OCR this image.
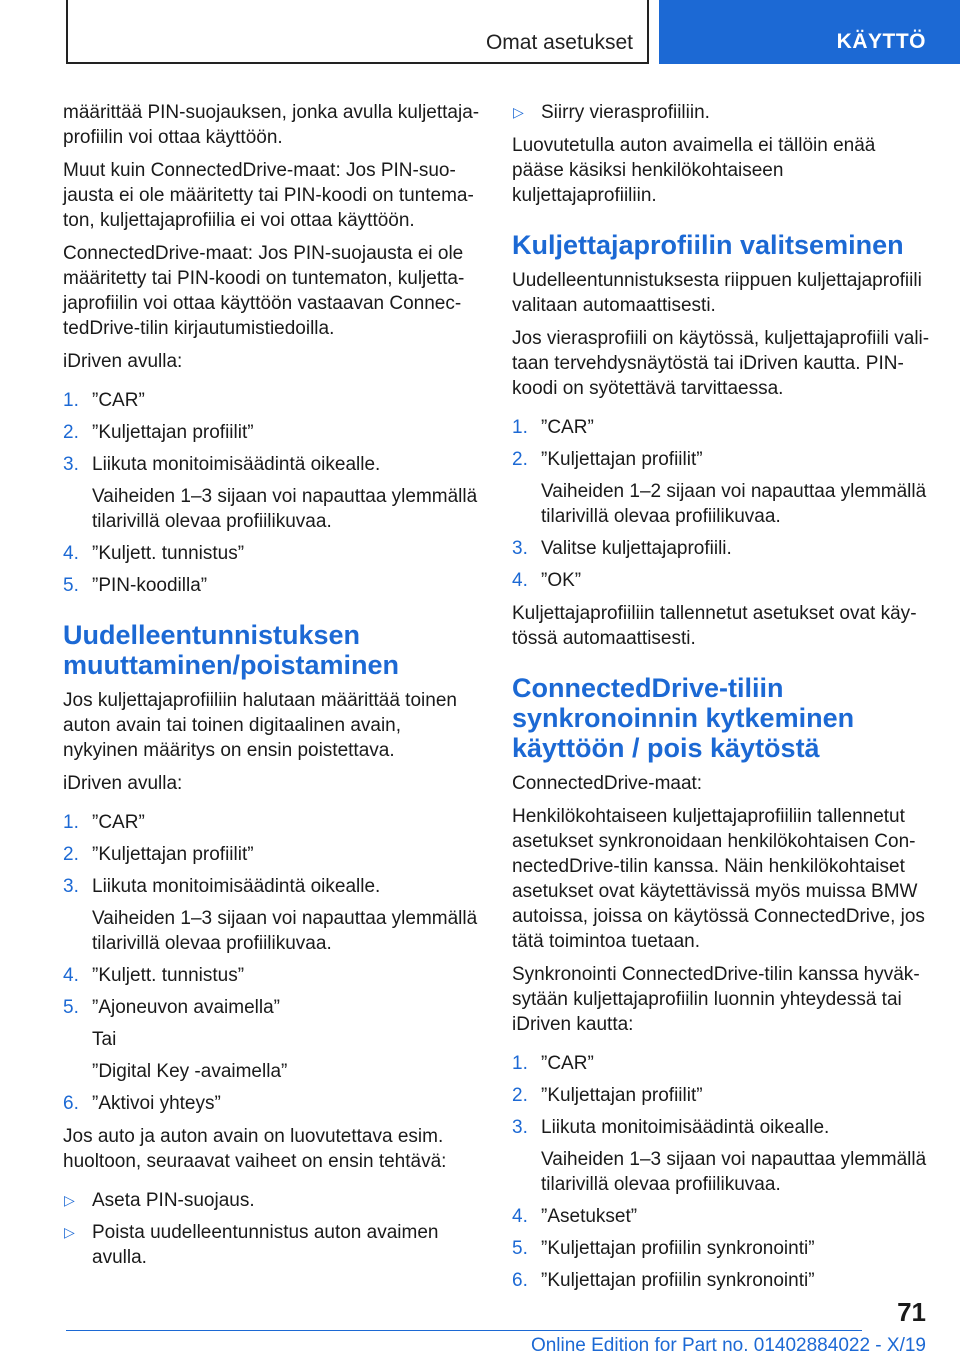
Omat asetukset	KÄYTTÖ

määrittää PIN-suojauksen, jonka avulla kuljettajaprofiilin voi ottaa käyttöön.

Muut kuin ConnectedDrive-maat: Jos PIN-suojausta ei ole määritetty tai PIN-koodi on tuntematon, kuljettajaprofiilia ei voi ottaa käyttöön.

ConnectedDrive-maat: Jos PIN-suojausta ei ole määritetty tai PIN-koodi on tuntematon, kuljettajaprofiilin voi ottaa käyttöön vastaavan ConnectedDrive-tilin kirjautumistiedoilla.

iDriven avulla:

1. ”CAR”
2. ”Kuljettajan profiilit”
3. Liikuta monitoimisäädintä oikealle.
Vaiheiden 1–3 sijaan voi napauttaa ylemmällä tilarivillä olevaa profiilikuvaa.
4. ”Kuljett. tunnistus”
5. ”PIN-koodilla”
Uudelleentunnistuksen muuttaminen/poistaminen

Jos kuljettajaprofiiliin halutaan määrittää toinen auton avain tai toinen digitaalinen avain, nykyinen määritys on ensin poistettava.

iDriven avulla:

1. ”CAR”
2. ”Kuljettajan profiilit”
3. Liikuta monitoimisäädintä oikealle.
Vaiheiden 1–3 sijaan voi napauttaa ylemmällä tilarivillä olevaa profiilikuvaa.
4. ”Kuljett. tunnistus”
5. ”Ajoneuvon avaimella”
Tai
”Digital Key -avaimella”
6. ”Aktivoi yhteys”

Jos auto ja auton avain on luovutettava esim. huoltoon, seuraavat vaiheet on ensin tehtävä:

▷ Aseta PIN-suojaus.
▷ Poista uudelleentunnistus auton avaimen avulla.
▷ Siirry vierasprofiiliin.

Luovutetulla auton avaimella ei tällöin enää pääse käsiksi henkilökohtaiseen kuljettajaprofiiliin.

Kuljettajaprofiilin valitseminen

Uudelleentunnistuksesta riippuen kuljettajaprofiili valitaan automaattisesti.

Jos vierasprofiili on käytössä, kuljettajaprofiili valitaan tervehdysnäytöstä tai iDriven kautta. PIN-koodi on syötettävä tarvittaessa.

1. ”CAR”
2. ”Kuljettajan profiilit”
Vaiheiden 1–2 sijaan voi napauttaa ylemmällä tilarivillä olevaa profiilikuvaa.
3. Valitse kuljettajaprofiili.
4. ”OK”

Kuljettajaprofiiliin tallennetut asetukset ovat käytössä automaattisesti.

ConnectedDrive-tiliin synkronoinnin kytkeminen käyttöön / pois käytöstä

ConnectedDrive-maat:

Henkilökohtaiseen kuljettajaprofiiliin tallennetut asetukset synkronoidaan henkilökohtaisen ConnectedDrive-tilin kanssa. Näin henkilökohtaiset asetukset ovat käytettävissä myös muissa BMW autoissa, joissa on käytössä ConnectedDrive, jos tätä toimintoa tuetaan.

Synkronointi ConnectedDrive-tilin kanssa hyväksytään kuljettajaprofiilin luonnin yhteydessä tai iDriven kautta:

1. ”CAR”
2. ”Kuljettajan profiilit”
3. Liikuta monitoimisäädintä oikealle.
Vaiheiden 1–3 sijaan voi napauttaa ylemmällä tilarivillä olevaa profiilikuvaa.
4. ”Asetukset”
5. ”Kuljettajan profiilin synkronointi”
6. ”Kuljettajan profiilin synkronointi”
71
Online Edition for Part no. 01402884022 - X/19
